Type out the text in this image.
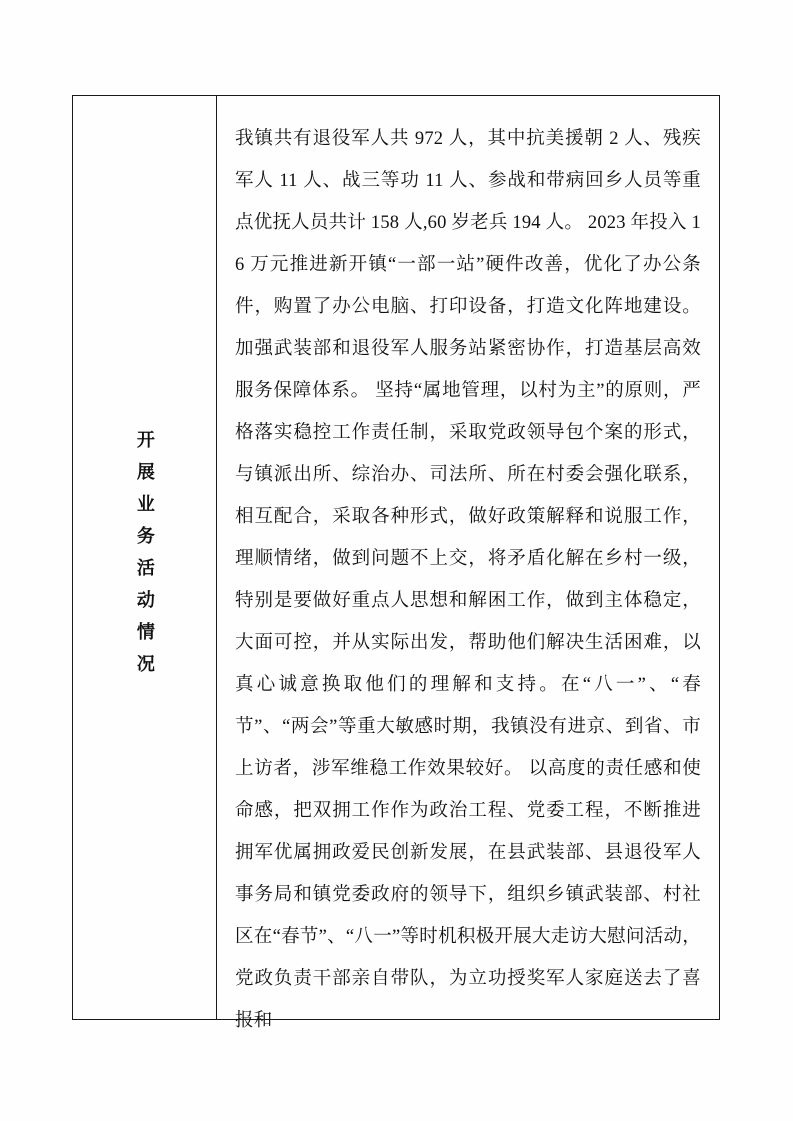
开展业务活动情况
我镇共有退役军人共 972 人，其中抗美援朝 2 人、残疾军人 11 人、战三等功 11 人、参战和带病回乡人员等重点优抚人员共计 158 人,60 岁老兵 194 人。 2023 年投入 16 万元推进新开镇“一部一站”硬件改善，优化了办公条件，购置了办公电脑、打印设备，打造文化阵地建设。加强武装部和退役军人服务站紧密协作，打造基层高效服务保障体系。 坚持“属地管理，以村为主”的原则，严格落实稳控工作责任制，采取党政领导包个案的形式，与镇派出所、综治办、司法所、所在村委会强化联系，相互配合，采取各种形式，做好政策解释和说服工作，理顺情绪，做到问题不上交，将矛盾化解在乡村一级，特别是要做好重点人思想和解困工作，做到主体稳定，大面可控，并从实际出发，帮助他们解决生活困难，以真心诚意换取他们的理解和支持。在“八一”、“春节”、“两会”等重大敏感时期，我镇没有进京、到省、市上访者，涉军维稳工作效果较好。 以高度的责任感和使命感，把双拥工作作为政治工程、党委工程，不断推进拥军优属拥政爱民创新发展，在县武装部、县退役军人事务局和镇党委政府的领导下，组织乡镇武装部、村社区在“春节”、“八一”等时机积极开展大走访大慰问活动，党政负责干部亲自带队，为立功授奖军人家庭送去了喜报和
